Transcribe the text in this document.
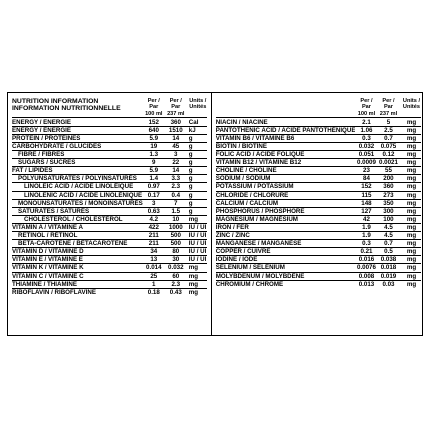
NUTRITION INFORMATION
INFORMATION NUTRITIONNELLE
Per / Par
100 ml
Per / Par
237 ml
Units /
Unités
ENERGY / ÉNERGIE	152	360	Cal
ENERGY / ÉNERGIE	640	1510 kJ
PROTEIN / PROTÉINES	5.9	14	g
CARBOHYDRATE / GLUCIDES	19	45	g
FIBRE / FIBRES	1.3	3	g
SUGARS / SUCRES	9	22	g
FAT / LIPIDES	5.9	14	g
POLYUNSATURATES / POLYINSATURÉS	1.4	3.3	g
LINOLEIC ACID / ACIDE LINOLÉIQUE	0.97	2.3	g
LINOLENIC ACID / ACIDE LINOLÉNIQUE 0.17	0.4	g
MONOUNSATURATES / MONOINSATURÉS	3	7	g
SATURATES / SATURÉS	0.63	1.5	g
CHOLESTEROL / CHOLESTÉROL	4.2	10	mg
VITAMIN A / VITAMINE A	422	1000 IU / UI
RETINOL / RÉTINOL	211	500	IU / UI
BETA-CAROTENE / BÊTACAROTÈNE	211	500	IU / UI
VITAMIN D / VITAMINE D	34	80	IU / UI
VITAMIN E / VITAMINE E	13	30	IU / UI
VITAMIN K / VITAMINE K	0.014	0.032 mg
VITAMIN C / VITAMINE C	25	60	mg
THIAMINE / THIAMINE	1	2.3	mg
RIBOFLAVIN / RIBOFLAVINE	0.18	0.43	mg
Per / Par
100 ml
Per / Par
237 ml
Units /
Unités
NIACIN / NIACINE	2.1	5	mg
PANTOTHENIC ACID / ACIDE PANTOTHÉNIQUE 1.06	2.5	mg
VITAMIN B6 / VITAMINE B6	0.3	0.7	mg
BIOTIN / BIOTINE	0.032	0.075	mg
FOLIC ACID / ACIDE FOLIQUE	0.051	0.12	mg
VITAMIN B12 / VITAMINE B12	0.0009 0.0021	mg
CHOLINE / CHOLINE	23	55	mg
SODIUM / SODIUM	84	200	mg
POTASSIUM / POTASSIUM	152	360	mg
CHLORIDE / CHLORURE	115	273	mg
CALCIUM / CALCIUM	148	350	mg
PHOSPHORUS / PHOSPHORE	127	300	mg
MAGNESIUM / MAGNÉSIUM	42	100	mg
IRON / FER	1.9	4.5	mg
ZINC / ZINC	1.9	4.5	mg
MANGANESE / MANGANÈSE	0.3	0.7	mg
COPPER / CUIVRE	0.21	0.5	mg
IODINE / IODE	0.016	0.038	mg
SELENIUM / SÉLÉNIUM	0.0076 0.018	mg
MOLYBDENUM / MOLYBDÈNE	0.008	0.019	mg
CHROMIUM / CHROME	0.013	0.03	mg
